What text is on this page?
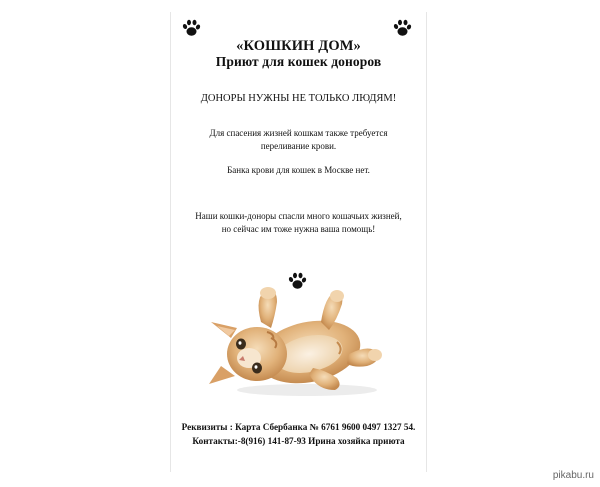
«КОШКИН ДОМ»
Приют для кошек доноров
ДОНОРЫ НУЖНЫ НЕ ТОЛЬКО ЛЮДЯМ!
Для спасения жизней кошкам также требуется
переливание крови.
Банка крови для кошек в Москве нет.
Наши кошки-доноры спасли много кошачьих жизней,
но сейчас им тоже нужна ваша помощь!
Реквизиты : Карта Сбербанка № 6761 9600 0497 1327 54.
Контакты:-8(916) 141-87-93 Ирина хозяйка приюта
pikabu.ru
